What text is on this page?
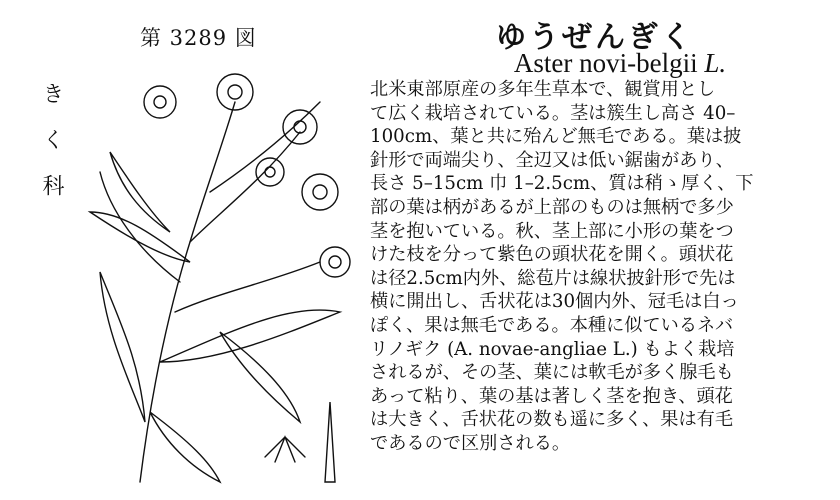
第 3289 図
きく科
ゆうぜんぎく
Aster novi-belgii L.
北米東部原産の多年生草本で、観賞用とし
て広く栽培されている。茎は簇生し高さ 40–
100cm、葉と共に殆んど無毛である。葉は披
針形で両端尖り、全辺又は低い鋸歯があり、
長さ 5–15cm 巾 1–2.5cm、質は稍ゝ厚く、下
部の葉は柄があるが上部のものは無柄で多少
茎を抱いている。秋、茎上部に小形の葉をつ
けた枝を分って紫色の頭状花を開く。頭状花
は径2.5cm内外、総苞片は線状披針形で先は
横に開出し、舌状花は30個内外、冠毛は白っ
ぽく、果は無毛である。本種に似ているネバ
リノギク (A. novae-angliae L.) もよく栽培
されるが、その茎、葉には軟毛が多く腺毛も
あって粘り、葉の基は著しく茎を抱き、頭花
は大きく、舌状花の数も遥に多く、果は有毛
であるので区別される。
